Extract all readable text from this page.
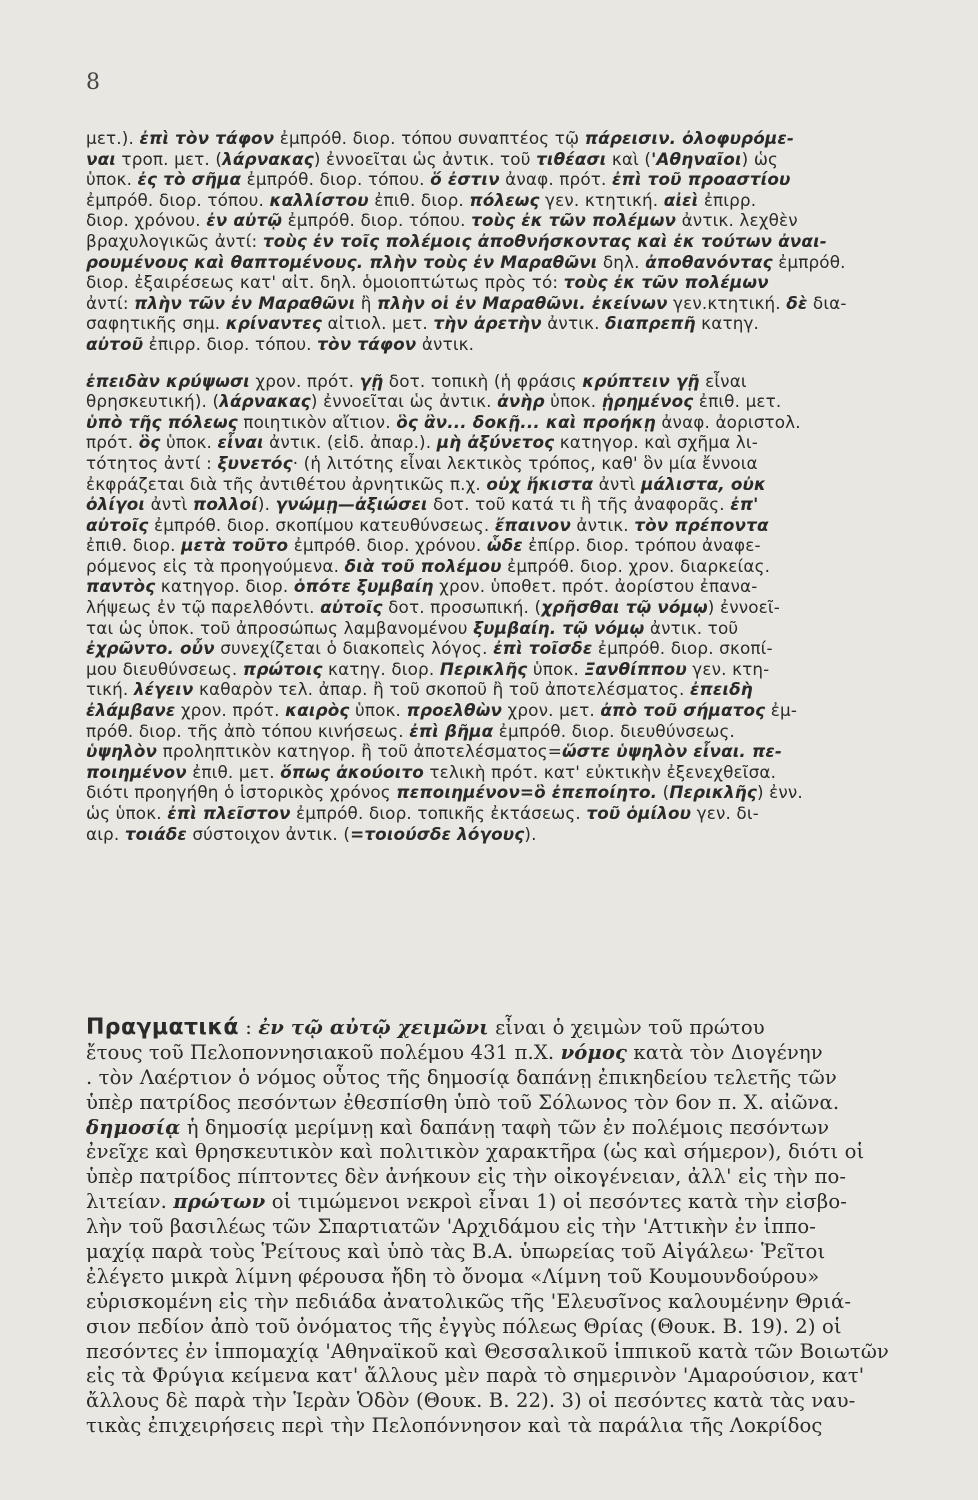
8
μετ.). ἐπὶ τὸν τάφον ἐμπρόθ. διορ. τόπου συναπτέος τῷ πάρεισιν. ὀλοφυρόμε-
ναι τροπ. μετ. (λάρνακας) ἐννοεῖται ὡς ἀντικ. τοῦ τιθέασι καὶ ('Αθηναῖοι) ὡς
ὑποκ. ἐς τὸ σῆμα ἐμπρόθ. διορ. τόπου. ὅ ἐστιν ἀναφ. πρότ. ἐπὶ τοῦ προαστίου
ἐμπρόθ. διορ. τόπου. καλλίστου ἐπιθ. διορ. πόλεως γεν. κτητική. αἰεὶ ἐπιρρ.
διορ. χρόνου. ἐν αὐτῷ ἐμπρόθ. διορ. τόπου. τοὺς ἐκ τῶν πολέμων ἀντικ. λεχθὲν
βραχυλογικῶς ἀντί: τοὺς ἐν τοῖς πολέμοις ἀποθνήσκοντας καὶ ἐκ τούτων ἀναι-
ρουμένους καὶ θαπτομένους. πλὴν τοὺς ἐν Μαραθῶνι δηλ. ἀποθανόντας ἐμπρόθ.
διορ. ἐξαιρέσεως κατ' αἰτ. δηλ. ὁμοιοπτώτως πρὸς τό: τοὺς ἐκ τῶν πολέμων
ἀντί: πλὴν τῶν ἐν Μαραθῶνι ἢ πλὴν οἱ ἐν Μαραθῶνι. ἐκείνων γεν.κτητική. δὲ δια-
σαφητικῆς σημ. κρίναντες αἰτιολ. μετ. τὴν ἀρετὴν ἀντικ. διαπρεπῆ κατηγ.
αὐτοῦ ἐπιρρ. διορ. τόπου. τὸν τάφον ἀντικ.
ἐπειδὰν κρύψωσι χρον. πρότ. γῇ δοτ. τοπικὴ (ἡ φράσις κρύπτειν γῇ εἶναι
θρησκευτική). (λάρνακας) ἐννοεῖται ὡς ἀντικ. ἀνὴρ ὑποκ. ᾑρημένος ἐπιθ. μετ.
ὑπὸ τῆς πόλεως ποιητικὸν αἴτιον. ὃς ἂν... δοκῇ... καὶ προήκῃ ἀναφ. ἀοριστολ.
πρότ. ὃς ὑποκ. εἶναι ἀντικ. (εἰδ. ἀπαρ.). μὴ ἀξύνετος κατηγορ. καὶ σχῆμα λι-
τότητος ἀντί : ξυνετός· (ἡ λιτότης εἶναι λεκτικὸς τρόπος, καθ' ὃν μία ἔννοια
ἐκφράζεται διὰ τῆς ἀντιθέτου ἀρνητικῶς π.χ. οὐχ ἥκιστα ἀντὶ μάλιστα, οὐκ
ὀλίγοι ἀντὶ πολλοί). γνώμῃ—ἀξιώσει δοτ. τοῦ κατά τι ἢ τῆς ἀναφορᾶς. ἐπ'
αὐτοῖς ἐμπρόθ. διορ. σκοπίμου κατευθύνσεως. ἔπαινον ἀντικ. τὸν πρέποντα
ἐπιθ. διορ. μετὰ τοῦτο ἐμπρόθ. διορ. χρόνου. ὧδε ἐπίρρ. διορ. τρόπου ἀναφε-
ρόμενος εἰς τὰ προηγούμενα. διὰ τοῦ πολέμου ἐμπρόθ. διορ. χρον. διαρκείας.
παντὸς κατηγορ. διορ. ὁπότε ξυμβαίη χρον. ὑποθετ. πρότ. ἀορίστου ἐπανα-
λήψεως ἐν τῷ παρελθόντι. αὐτοῖς δοτ. προσωπική. (χρῆσθαι τῷ νόμῳ) ἐννοεῖ-
ται ὡς ὑποκ. τοῦ ἀπροσώπως λαμβανομένου ξυμβαίη. τῷ νόμῳ ἀντικ. τοῦ
ἐχρῶντο. οὖν συνεχίζεται ὁ διακοπεὶς λόγος. ἐπὶ τοῖσδε ἐμπρόθ. διορ. σκοπί-
μου διευθύνσεως. πρώτοις κατηγ. διορ. Περικλῆς ὑποκ. Ξανθίππου γεν. κτη-
τική. λέγειν καθαρὸν τελ. ἀπαρ. ἢ τοῦ σκοποῦ ἢ τοῦ ἀποτελέσματος. ἐπειδὴ
ἐλάμβανε χρον. πρότ. καιρὸς ὑποκ. προελθὼν χρον. μετ. ἀπὸ τοῦ σήματος ἐμ-
πρόθ. διορ. τῆς ἀπὸ τόπου κινήσεως. ἐπὶ βῆμα ἐμπρόθ. διορ. διευθύνσεως.
ὑψηλὸν προληπτικὸν κατηγορ. ἢ τοῦ ἀποτελέσματος=ὥστε ὑψηλὸν εἶναι. πε-
ποιημένον ἐπιθ. μετ. ὅπως ἀκούοιτο τελικὴ πρότ. κατ' εὐκτικὴν ἐξενεχθεῖσα.
διότι προηγήθη ὁ ἱστορικὸς χρόνος πεποιημένον=ὃ ἐπεποίητο. (Περικλῆς) ἐνν.
ὡς ὑποκ. ἐπὶ πλεῖστον ἐμπρόθ. διορ. τοπικῆς ἐκτάσεως. τοῦ ὁμίλου γεν. δι-
αιρ. τοιάδε σύστοιχον ἀντικ. (=τοιούσδε λόγους).
Πραγματικά : ἐν τῷ αὐτῷ χειμῶνι εἶναι ὁ χειμὼν τοῦ πρώτου
ἔτους τοῦ Πελοποννησιακοῦ πολέμου 431 π.Χ. νόμος κατὰ τὸν Διογένην
. τὸν Λαέρτιον ὁ νόμος οὗτος τῆς δημοσίᾳ δαπάνῃ ἐπικηδείου τελετῆς τῶν
ὑπὲρ πατρίδος πεσόντων ἐθεσπίσθη ὑπὸ τοῦ Σόλωνος τὸν 6ον π. Χ. αἰῶνα.
δημοσίᾳ ἡ δημοσίᾳ μερίμνῃ καὶ δαπάνῃ ταφὴ τῶν ἐν πολέμοις πεσόντων
ἐνεῖχε καὶ θρησκευτικὸν καὶ πολιτικὸν χαρακτῆρα (ὡς καὶ σήμερον), διότι οἱ
ὑπὲρ πατρίδος πίπτοντες δὲν ἀνήκουν εἰς τὴν οἰκογένειαν, ἀλλ' εἰς τὴν πο-
λιτείαν. πρώτων οἱ τιμώμενοι νεκροὶ εἶναι 1) οἱ πεσόντες κατὰ τὴν εἰσβο-
λὴν τοῦ βασιλέως τῶν Σπαρτιατῶν 'Αρχιδάμου εἰς τὴν 'Αττικὴν ἐν ἱππο-
μαχίᾳ παρὰ τοὺς Ῥείτους καὶ ὑπὸ τὰς Β.Α. ὑπωρείας τοῦ Αἰγάλεω· Ῥεῖτοι
ἐλέγετο μικρὰ λίμνη φέρουσα ἤδη τὸ ὄνομα «Λίμνη τοῦ Κουμουνδούρου»
εὑρισκομένη εἰς τὴν πεδιάδα ἀνατολικῶς τῆς 'Ελευσῖνος καλουμένην Θριά-
σιον πεδίον ἀπὸ τοῦ ὀνόματος τῆς ἐγγὺς πόλεως Θρίας (Θουκ. Β. 19). 2) οἱ
πεσόντες ἐν ἱππομαχίᾳ 'Αθηναϊκοῦ καὶ Θεσσαλικοῦ ἱππικοῦ κατὰ τῶν Βοιωτῶν
εἰς τὰ Φρύγια κείμενα κατ' ἄλλους μὲν παρὰ τὸ σημερινὸν 'Αμαρούσιον, κατ'
ἄλλους δὲ παρὰ τὴν Ἱερὰν Ὁδὸν (Θουκ. Β. 22). 3) οἱ πεσόντες κατὰ τὰς ναυ-
τικὰς ἐπιχειρήσεις περὶ τὴν Πελοπόννησον καὶ τὰ παράλια τῆς Λοκρίδος
